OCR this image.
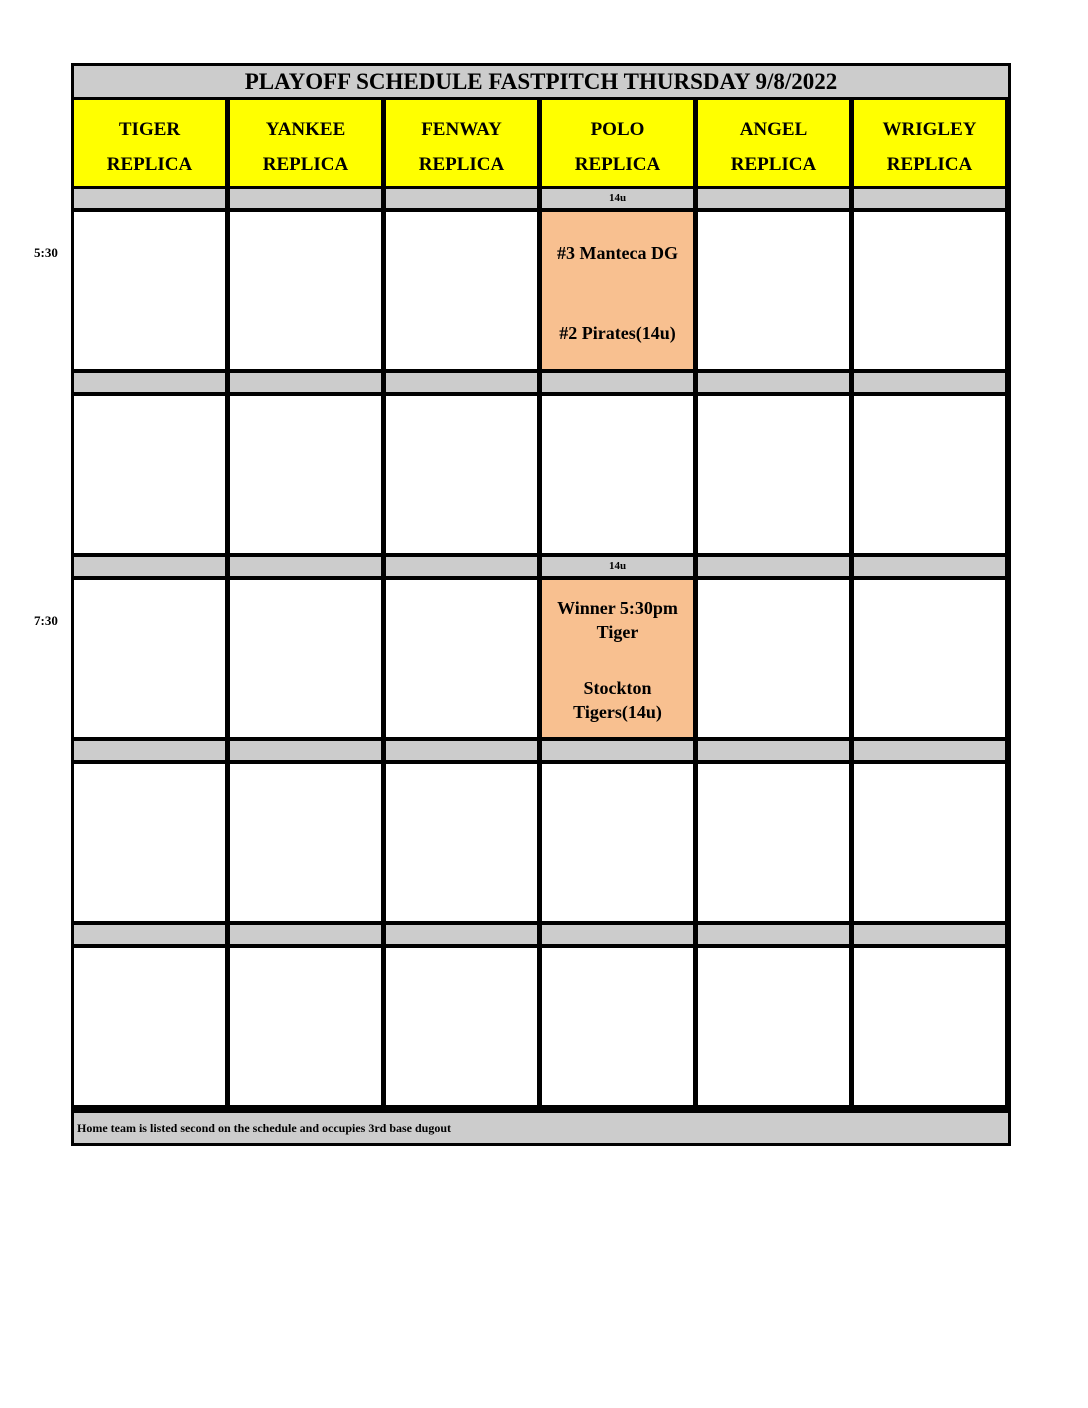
PLAYOFF SCHEDULE FASTPITCH THURSDAY 9/8/2022
Home team is listed second on the schedule and occupies 3rd base dugout
TIGER
REPLICA
YANKEE
REPLICA
FENWAY
REPLICA
POLO
REPLICA
ANGEL
REPLICA
WRIGLEY
REPLICA
14u
#3 Manteca DG
#2 Pirates(14u)
14u
Winner 5:30pm Tiger
Stockton Tigers(14u)
5:30
7:30
